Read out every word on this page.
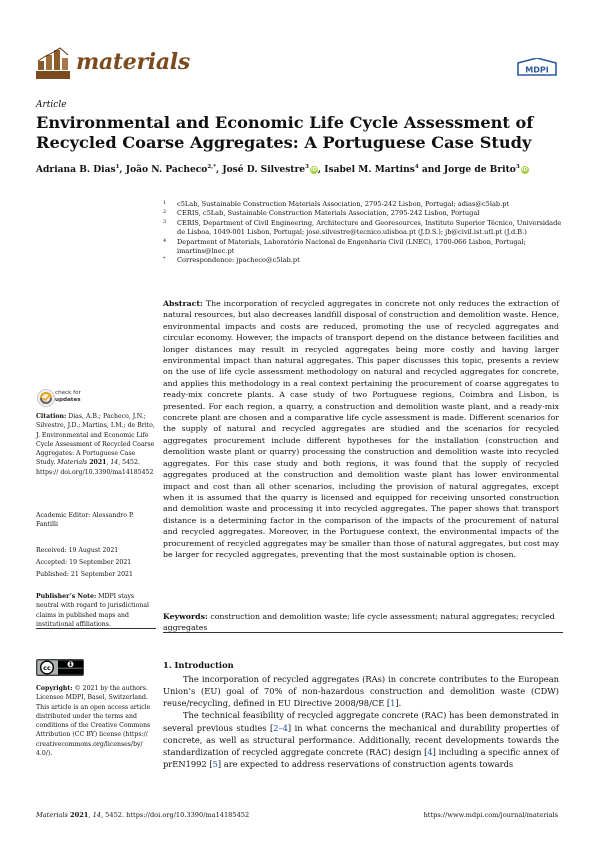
materials	MDPI
Article
Environmental and Economic Life Cycle Assessment of Recycled Coarse Aggregates: A Portuguese Case Study
Adriana B. Dias$^1$, João N. Pacheco$^{2,*}$, José D. Silvestre$^3$iD, Isabel M. Martins$^4$ and Jorge de Brito$^3$iD
1 c5Lab, Sustainable Construction Materials Association, 2795-242 Lisbon, Portugal; adias@c5lab.pt
2 CERIS, c5Lab, Sustainable Construction Materials Association, 2795-242 Lisbon, Portugal
3 CERIS, Department of Civil Engineering, Architecture and Georesources, Instituto Superior Técnico, Universidade de Lisboa, 1049-001 Lisbon, Portugal; jose.silvestre@tecnico.ulisboa.pt (J.D.S.); jb@civil.ist.utl.pt (J.d.B.)
4 Department of Materials, Laboratório Nacional de Engenharia Civil (LNEC), 1700-066 Lisbon, Portugal; imartins@lnec.pt
* Correspondence: jpacheco@c5lab.pt
Abstract: The incorporation of recycled aggregates in concrete not only reduces the extraction of natural resources, but also decreases landfill disposal of construction and demolition waste. Hence, environmental impacts and costs are reduced, promoting the use of recycled aggregates and circular economy. However, the impacts of transport depend on the distance between facilities and longer distances may result in recycled aggregates being more costly and having larger environmental impact than natural aggregates. This paper discusses this topic, presents a review on the use of life cycle assessment methodology on natural and recycled aggregates for concrete, and applies this methodology in a real context pertaining the procurement of coarse aggregates to ready-mix concrete plants. A case study of two Portuguese regions, Coimbra and Lisbon, is presented. For each region, a quarry, a construction and demolition waste plant, and a ready-mix concrete plant are chosen and a comparative life cycle assessment is made. Different scenarios for the supply of natural and recycled aggregates are studied and the scenarios for recycled aggregates procurement include different hypotheses for the installation (construction and demolition waste plant or quarry) processing the construction and demolition waste into recycled aggregates. For this case study and both regions, it was found that the supply of recycled aggregates produced at the construction and demolition waste plant has lower environmental impact and cost than all other scenarios, including the provision of natural aggregates, except when it is assumed that the quarry is licensed and equipped for receiving unsorted construction and demolition waste and processing it into recycled aggregates. The paper shows that transport distance is a determining factor in the comparison of the impacts of the procurement of natural and recycled aggregates. Moreover, in the Portuguese context, the environmental impacts of the procurement of recycled aggregates may be smaller than those of natural aggregates, but cost may be larger for recycled aggregates, preventing that the most sustainable option is chosen.
Keywords: construction and demolition waste; life cycle assessment; natural aggregates; recycled aggregates
check for
updates
Citation: Dias, A.B.; Pacheco, J.N.; Silvestre, J.D.; Martins, I.M.; de Brito, J. Environmental and Economic Life Cycle Assessment of Recycled Coarse Aggregates: A Portuguese Case Study. Materials 2021, 14, 5452. https:// doi.org/10.3390/ma14185452
Academic Editor: Alessandro P. Fantilli
Received: 19 August 2021
Accepted: 19 September 2021
Published: 21 September 2021
Publisher’s Note: MDPI stays neutral with regard to jurisdictional claims in published maps and institutional affiliations.
cc
Copyright: © 2021 by the authors. Licensee MDPI, Basel, Switzerland. This article is an open access article distributed under the terms and conditions of the Creative Commons Attribution (CC BY) license (https:// creativecommons.org/licenses/by/ 4.0/).
1. Introduction

The incorporation of recycled aggregates (RAs) in concrete contributes to the European Union’s (EU) goal of 70% of non-hazardous construction and demolition waste (CDW) reuse/recycling, defined in EU Directive 2008/98/CE [1].

The technical feasibility of recycled aggregate concrete (RAC) has been demonstrated in several previous studies [2–4] in what concerns the mechanical and durability properties of concrete, as well as structural performance. Additionally, recent developments towards the standardization of recycled aggregate concrete (RAC) design [4] including a specific annex of prEN1992 [5] are expected to address reservations of construction agents towards

Materials 2021, 14, 5452. https://doi.org/10.3390/ma14185452	https://www.mdpi.com/journal/materials
